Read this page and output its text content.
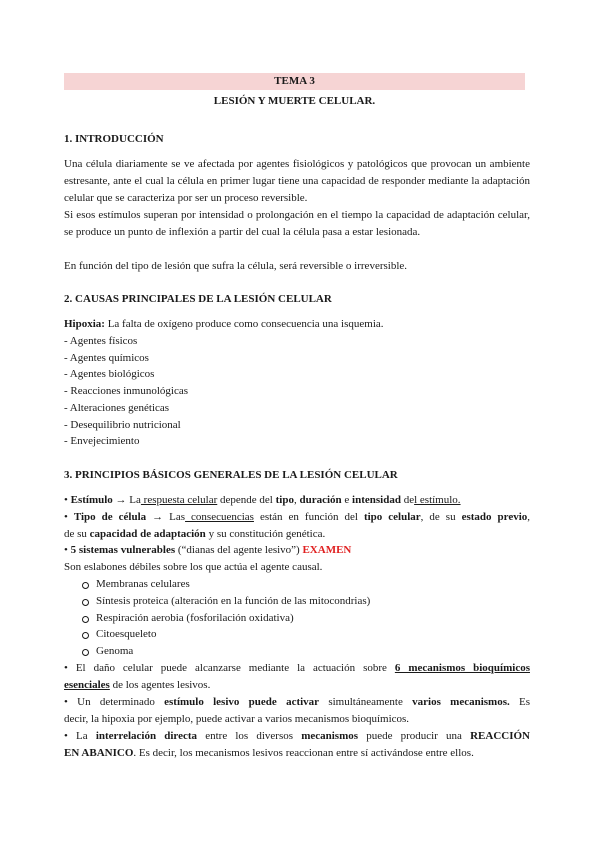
TEMA 3
LESIÓN Y MUERTE CELULAR.
1. INTRODUCCIÓN

Una célula diariamente se ve afectada por agentes fisiológicos y patológicos que provocan un ambiente estresante, ante el cual la célula en primer lugar tiene una capacidad de responder mediante la adaptación celular que se caracteriza por ser un proceso reversible.

Si esos estímulos superan por intensidad o prolongación en el tiempo la capacidad de adaptación celular, se produce un punto de inflexión a partir del cual la célula pasa a estar lesionada.

En función del tipo de lesión que sufra la célula, será reversible o irreversible.

2. CAUSAS PRINCIPALES DE LA LESIÓN CELULAR
Hipoxia: La falta de oxígeno produce como consecuencia una isquemia.
- Agentes físicos
- Agentes químicos
- Agentes biológicos
- Reacciones inmunológicas
- Alteraciones genéticas
- Desequilibrio nutricional
- Envejecimiento
3. PRINCIPIOS BÁSICOS GENERALES DE LA LESIÓN CELULAR
• Estímulo → La respuesta celular depende del tipo, duración e intensidad del estímulo.
• Tipo de célula → Las consecuencias están en función del tipo celular, de su estado previo,
de su capacidad de adaptación y su constitución genética.
• 5 sistemas vulnerables (“dianas del agente lesivo”) EXAMEN
Son eslabones débiles sobre los que actúa el agente causal.
Membranas celulares
Síntesis proteica (alteración en la función de las mitocondrias)
Respiración aerobia (fosforilación oxidativa)
Citoesqueleto
Genoma
• El daño celular puede alcanzarse mediante la actuación sobre 6 mecanismos bioquímicos
esenciales de los agentes lesivos.
• Un determinado estímulo lesivo puede activar simultáneamente varios mecanismos. Es
decir, la hipoxia por ejemplo, puede activar a varios mecanismos bioquímicos.
• La interrelación directa entre los diversos mecanismos puede producir una REACCIÓN
EN ABANICO. Es decir, los mecanismos lesivos reaccionan entre sí activándose entre ellos.
